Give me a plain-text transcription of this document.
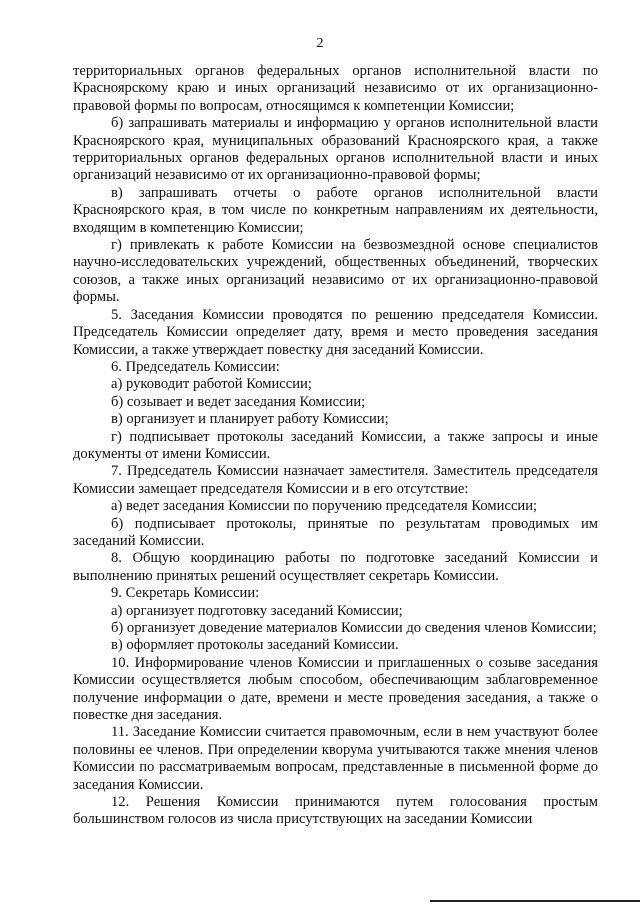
2

территориальных органов федеральных органов исполнительной власти по Красноярскому краю и иных организаций независимо от их организационно-правовой формы по вопросам, относящимся к компетенции Комиссии;

б) запрашивать материалы и информацию у органов исполнительной власти Красноярского края, муниципальных образований Красноярского края, а также территориальных органов федеральных органов исполнительной власти и иных организаций независимо от их организационно-правовой формы;

в) запрашивать отчеты о работе органов исполнительной власти Красноярского края, в том числе по конкретным направлениям их деятельности, входящим в компетенцию Комиссии;

г) привлекать к работе Комиссии на безвозмездной основе специалистов научно-исследовательских учреждений, общественных объединений, творческих союзов, а также иных организаций независимо от их организационно-правовой формы.

5. Заседания Комиссии проводятся по решению председателя Комиссии. Председатель Комиссии определяет дату, время и место проведения заседания Комиссии, а также утверждает повестку дня заседаний Комиссии.

6. Председатель Комиссии:

а) руководит работой Комиссии;

б) созывает и ведет заседания Комиссии;

в) организует и планирует работу Комиссии;

г) подписывает протоколы заседаний Комиссии, а также запросы и иные документы от имени Комиссии.

7. Председатель Комиссии назначает заместителя. Заместитель председателя Комиссии замещает председателя Комиссии и в его отсутствие:

а) ведет заседания Комиссии по поручению председателя Комиссии;

б) подписывает протоколы, принятые по результатам проводимых им заседаний Комиссии.

8. Общую координацию работы по подготовке заседаний Комиссии и выполнению принятых решений осуществляет секретарь Комиссии.

9. Секретарь Комиссии:

а) организует подготовку заседаний Комиссии;

б) организует доведение материалов Комиссии до сведения членов Комиссии;

в) оформляет протоколы заседаний Комиссии.

10. Информирование членов Комиссии и приглашенных о созыве заседания Комиссии осуществляется любым способом, обеспечивающим заблаговременное получение информации о дате, времени и месте проведения заседания, а также о повестке дня заседания.

11. Заседание Комиссии считается правомочным, если в нем участвуют более половины ее членов. При определении кворума учитываются также мнения членов Комиссии по рассматриваемым вопросам, представленные в письменной форме до заседания Комиссии.

12. Решения Комиссии принимаются путем голосования простым большинством голосов из числа присутствующих на заседании Комиссии
